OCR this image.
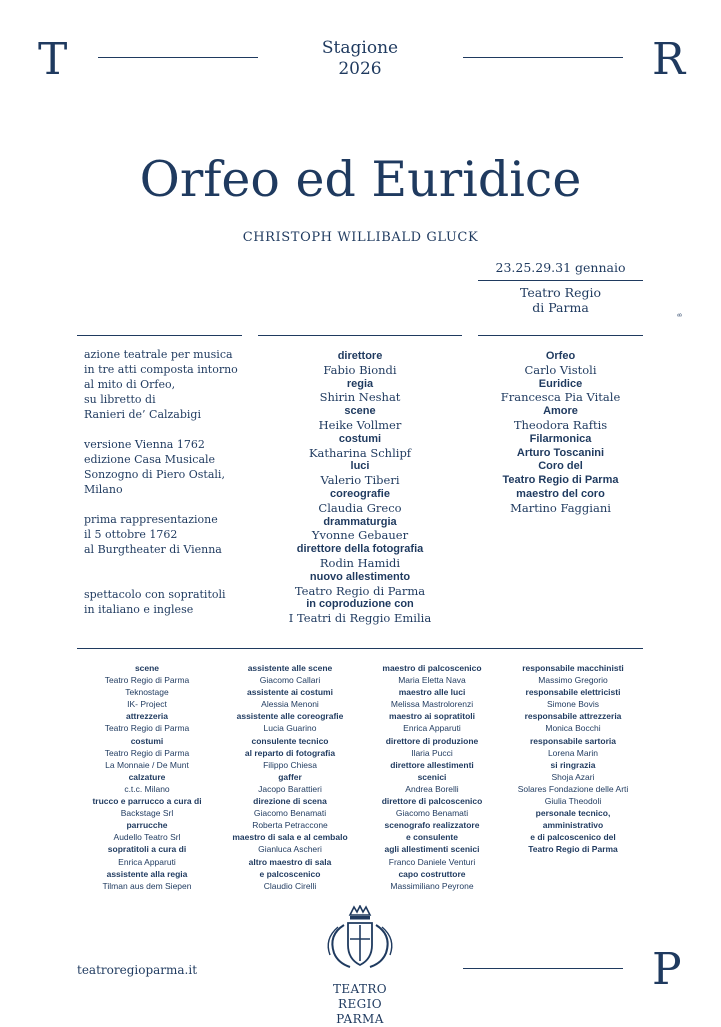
T	Stagione
2026	R
Orfeo ed Euridice
CHRISTOPH WILLIBALD GLUCK
23.25.29.31 gennaio
Teatro Regio
di Parma	B

azione teatrale per musica
in tre atti composta intorno
al mito di Orfeo,
su libretto di
Ranieri de’ Calzabigi

versione Vienna 1762
edizione Casa Musicale
Sonzogno di Piero Ostali,
Milano

prima rappresentazione
il 5 ottobre 1762
al Burgtheater di Vienna

spettacolo con sopratitoli
in italiano e inglese

direttore
Fabio Biondi
regia
Shirin Neshat
scene
Heike Vollmer
costumi
Katharina Schlipf
luci
Valerio Tiberi
coreografie
Claudia Greco
drammaturgia
Yvonne Gebauer
direttore della fotografia
Rodin Hamidi
nuovo allestimento
Teatro Regio di Parma
in coproduzione con
I Teatri di Reggio Emilia
Orfeo
Carlo Vistoli
Euridice
Francesca Pia Vitale
Amore
Theodora Raftis
Filarmonica
Arturo Toscanini
Coro del
Teatro Regio di Parma
maestro del coro
Martino Faggiani
scene
Teatro Regio di Parma
Teknostage
IK- Project
attrezzeria
Teatro Regio di Parma
costumi
Teatro Regio di Parma
La Monnaie / De Munt
calzature
c.t.c. Milano
trucco e parrucco a cura di
Backstage Srl
parrucche
Audello Teatro Srl
sopratitoli a cura di
Enrica Apparuti
assistente alla regia
Tilman aus dem Siepen
assistente alle scene
Giacomo Callari
assistente ai costumi
Alessia Menoni
assistente alle coreografie
Lucia Guarino
consulente tecnico
al reparto di fotografia
Filippo Chiesa
gaffer
Jacopo Barattieri
direzione di scena
Giacomo Benamati
Roberta Petraccone
maestro di sala e al cembalo
Gianluca Ascheri
altro maestro di sala
e palcoscenico
Claudio Cirelli
maestro di palcoscenico
Maria Eletta Nava
maestro alle luci
Melissa Mastrolorenzi
maestro ai sopratitoli
Enrica Apparuti
direttore di produzione
Ilaria Pucci
direttore allestimenti
scenici
Andrea Borelli
direttore di palcoscenico
Giacomo Benamati
scenografo realizzatore
e consulente
agli allestimenti scenici
Franco Daniele Venturi
capo costruttore
Massimiliano Peyrone
responsabile macchinisti
Massimo Gregorio
responsabile elettricisti
Simone Bovis
responsabile attrezzeria
Monica Bocchi
responsabile sartoria
Lorena Marin
si ringrazia
Shoja Azari
Solares Fondazione delle Arti
Giulia Theodoli
personale tecnico,
amministrativo
e di palcoscenico del
Teatro Regio di Parma
teatroregioparma.it
TEATRO REGIO
PARMA
P
